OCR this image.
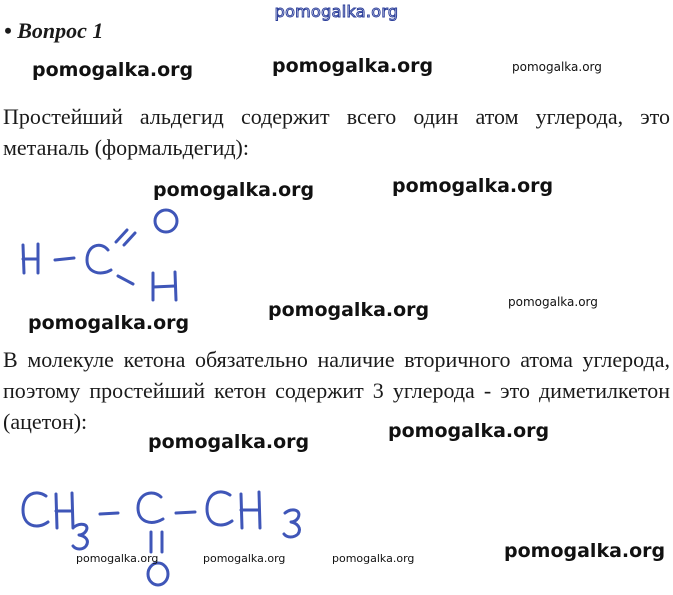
pomogalka.org
• Вопрос 1
pomogalka.org	pomogalka.org	pomogalka.org

Простейший альдегид содержит всего один атом углерода, это метаналь (формальдегид):

pomogalka.org	pomogalka.org
pomogalka.org
pomogalka.org	pomogalka.org

В молекуле кетона обязательно наличие вторичного атома углерода, поэтому простейший кетон содержит 3 углерода - это диметилкетон (ацетон):

pomogalka.org	pomogalka.org
pomogalka.org	pomogalka.org	pomogalka.org	pomogalka.org
